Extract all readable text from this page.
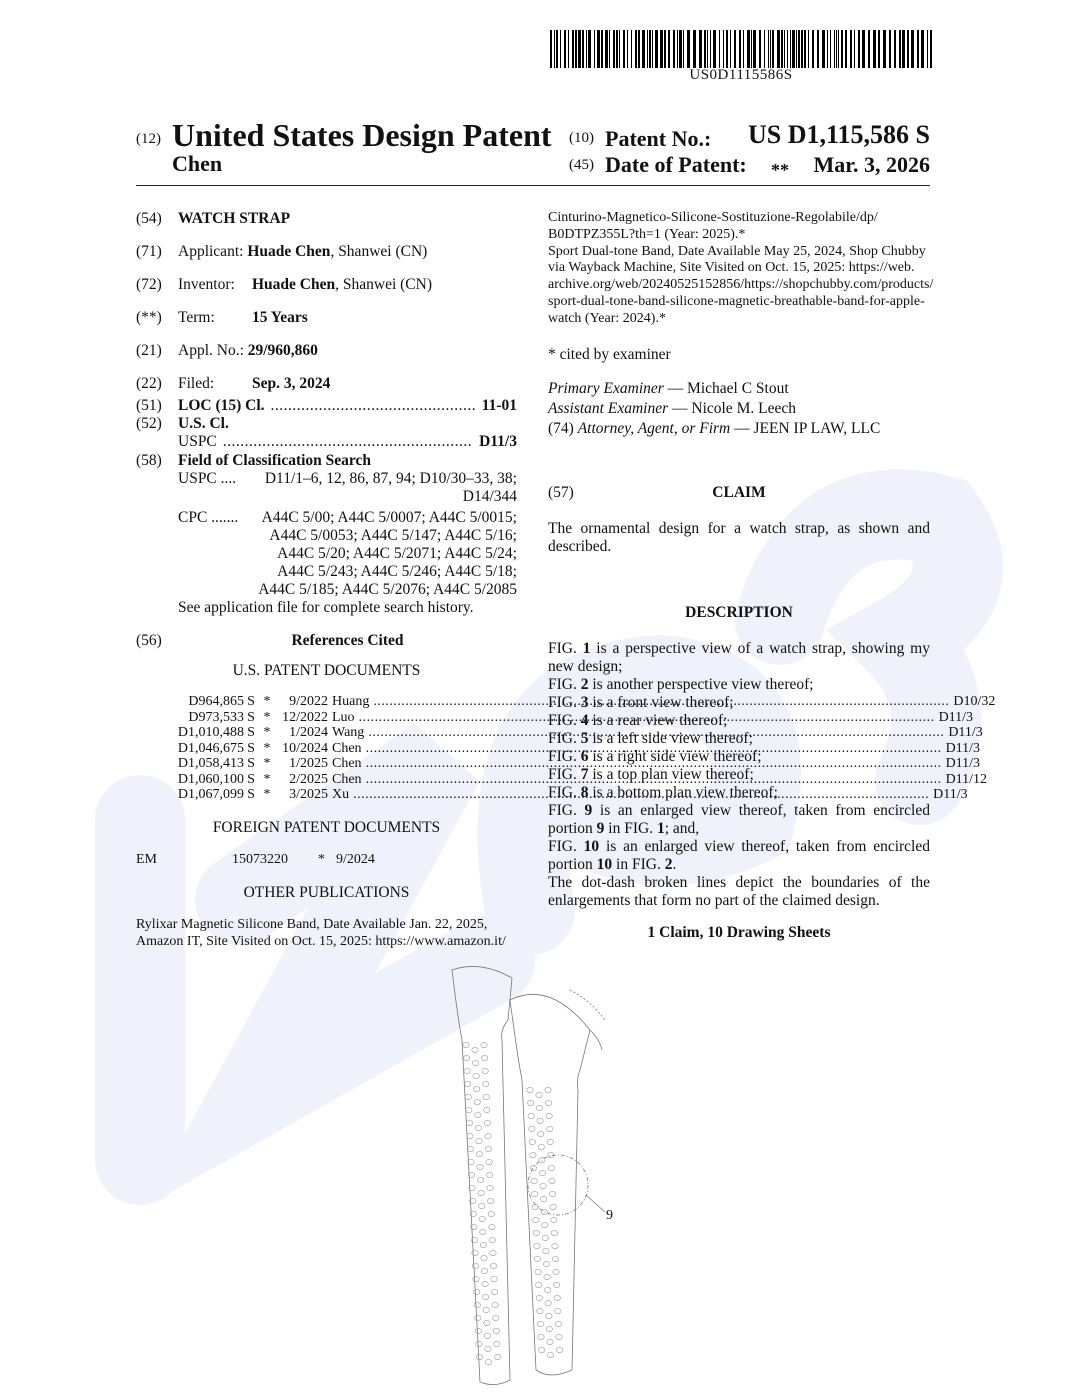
US0D1115586S
(12) United States Design Patent
Chen
(10) Patent No.:	US D1,115,586 S
(45) Date of Patent: **	Mar. 3, 2026
(54)	WATCH STRAP
(71)	Applicant:
Huade Chen , Shanwei (CN)
(72)	Inventor:	Huade Chen , Shanwei (CN)
(**)	Term:	15 Years
(21)	Appl. No.:
29/960,860
(22)	Filed:	Sep. 3, 2024
(51)	LOC (15) Cl. .....	11-01
(52)	U.S. Cl.
USPC .....	D11/3
(58)	Field of Classification Search
USPC ....	D11/1–6, 12, 86, 87, 94; D10/30–33, 38;
D14/344
CPC .......	A44C 5/00; A44C 5/0007; A44C 5/0015;
A44C 5/0053; A44C 5/147; A44C 5/16;
A44C 5/20; A44C 5/2071; A44C 5/24;
A44C 5/243; A44C 5/246; A44C 5/18;
A44C 5/185; A44C 5/2076; A44C 5/2085
See application file for complete search history.
(56)	References Cited
U.S. PATENT DOCUMENTS
D964,865 S *	9/2022 Huang .....	D10/32
D973,533 S * 12/2022 Luo .....	D11/3
D1,010,488 S *	1/2024 Wang .....	D11/3
D1,046,675 S * 10/2024 Chen .....	D11/3
D1,058,413 S *	1/2025 Chen .....	D11/3
D1,060,100 S *	2/2025 Chen .....	D11/12
D1,067,099 S *	3/2025 Xu .....	D11/3
FOREIGN PATENT DOCUMENTS
EM	15073220	* 9/2024
OTHER PUBLICATIONS
Rylixar Magnetic Silicone Band, Date Available Jan. 22, 2025,
Amazon IT, Site Visited on Oct. 15, 2025: https://www.amazon.it/
Cinturino-Magnetico-Silicone-Sostituzione-Regolabile/dp/
B0DTPZ355L?th=1 (Year: 2025).*
Sport Dual-tone Band, Date Available May 25, 2024, Shop Chubby
via Wayback Machine, Site Visited on Oct. 15, 2025: https://web.
archive.org/web/20240525152856/https://shopchubby.com/products/
sport-dual-tone-band-silicone-magnetic-breathable-band-for-apple-
watch (Year: 2024).*
* cited by examiner
Primary Examiner — Michael C Stout
Assistant Examiner — Nicole M. Leech
(74) Attorney, Agent, or Firm — JEEN IP LAW, LLC
(57)	CLAIM
The ornamental design for a watch strap, as shown and described.
DESCRIPTION
FIG. 1 is a perspective view of a watch strap, showing my new design;
FIG. 2 is another perspective view thereof;
FIG. 3 is a front view thereof;
FIG. 4 is a rear view thereof;
FIG. 5 is a left side view thereof;
FIG. 6 is a right side view thereof;
FIG. 7 is a top plan view thereof;
FIG. 8 is a bottom plan view thereof;
FIG. 9 is an enlarged view thereof, taken from encircled portion 9 in FIG. 1; and,
FIG. 10 is an enlarged view thereof, taken from encircled portion 10 in FIG. 2.
The dot-dash broken lines depict the boundaries of the enlargements that form no part of the claimed design.
1 Claim, 10 Drawing Sheets
9
